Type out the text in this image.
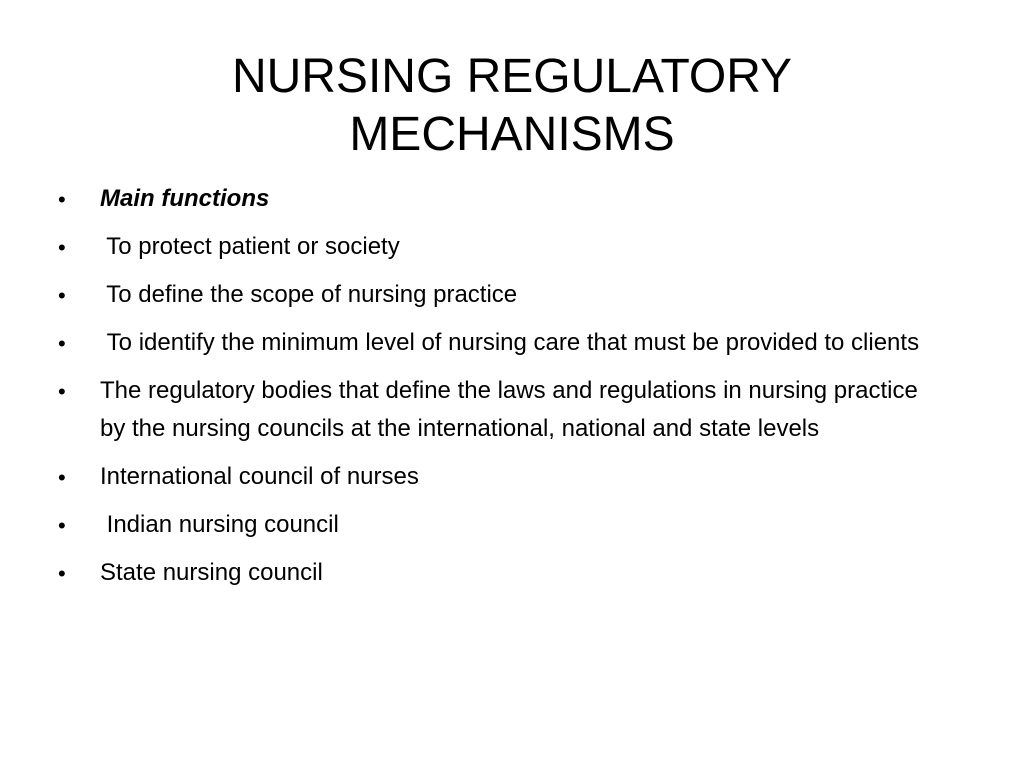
NURSING REGULATORY
MECHANISMS
• Main functions
• To protect patient or society
• To define the scope of nursing practice
• To identify the minimum level of nursing care that must be provided to clients
• The regulatory bodies that define the laws and regulations in nursing practice by the nursing councils at the international, national and state levels
• International council of nurses
• Indian nursing council
• State nursing council
